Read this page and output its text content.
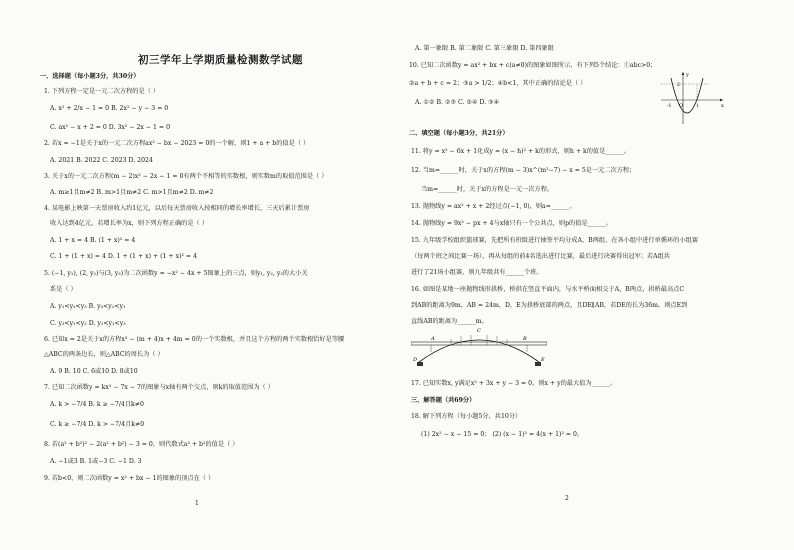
初三学年上学期质量检测数学试题
一、选择题（每小题3分，共30分）
1. 下列方程一定是一元二次方程的是（ ）
A. x² + 2/x − 1 = 0 B. 2x² − y − 3 = 0
C. ax² − x + 2 = 0 D. 3x² − 2x − 1 = 0
2. 若x = −1是关于x的一元二次方程ax² − bx − 2023 = 0的一个解，则1 + a + b的值是（ ）
A. 2021 B. 2022 C. 2023 D. 2024
3. 关于x的一元二次方程(m − 2)x² − 2x − 1 = 0有两个不相等的实数根，则实数m的取值范围是（ ）
A. m≥1且m≠2 B. m>1且m≠2 C. m>1且m≠2 D. m≠2
4. 某电影上映第一天票房收入约1亿元，以后每天票房收入按相同的增长率增长，三天后累计票房
收入达到4亿元，若增长率为x，则下列方程正确的是（ ）
A. 1 + x = 4 B. (1 + x)² = 4
C. 1 + (1 + x) = 4 D. 1 + (1 + x) + (1 + x)² = 4
5. (−1, y₁), (2, y₂)与(3, y₃)为二次函数y = −x² − 4x + 5图象上的三点，则y₁, y₂, y₃的大小关
系是（ ）
A. y₁<y₂<y₃ B. y₃<y₂<y₁
C. y₃<y₁<y₂ D. y₂<y₁<y₃
6. 已知x = 2是关于x的方程x² − (m + 4)x + 4m = 0的一个实数根，并且这个方程的两个实数根恰好是等腰
△ABC的两条边长，则△ABC的周长为（ ）
A. 9 B. 10 C. 6或10 D. 8或10
7. 已知二次函数y = kx² − 7x − 7的图象与x轴有两个交点，则k的取值范围为（ ）
A. k > −7/4 B. k ≥ −7/4且k≠0
C. k ≥ −7/4 D. k > −7/4且k≠0
8. 若(a² + b²)² − 2(a² + b²) − 3 = 0，则代数式a² + b²的值是（ ）
A. −1或3 B. 1或−3 C. −1 D. 3
9. 若b<0，则二次函数y = x² + bx − 1的图象的顶点在（ ）
1
A. 第一象限 B. 第二象限 C. 第三象限 D. 第四象限
10. 已知二次函数y = ax² + bx + c(a≠0)的图象如图所示，有下列5个结论：①abc>0；
②a + b + c = 2；③a > 1/2；④b<1，其中正确的结论是（ ）
A. ①② B. ②③ C. ②④ D. ③④	x
y
O
-1	1
2
二、填空题（每小题3分，共21分）
11. 将y = x² − 6x + 1化成y = (x − h)² + k的形式，则h + k的值是______。
12. 当m=______时，关于x的方程(m − 3)x^(m²−7) − x = 5是一元二次方程；
当m=______时，关于x的方程是一元一次方程。
13. 抛物线y = ax² + x + 2经过点(−1, 0)，则a=______。
14. 抛物线y = 9x² − px + 4与x轴只有一个公共点，则p的值是______。
15. 九年级学校组织篮球赛，先把所有班级进行抽签平均分成A，B两组，在各小组中进行单循环的小组赛
（每两个班之间比赛一场），再从每组的前4名选出进行比赛，最后进行决赛得出冠军；若A组共
进行了21场小组赛，则九年级共有______个班。
16. 如图是某地一座抛物线形拱桥，桥拱在竖直平面内，与水平桥面相交于A，B两点，拱桥最高点C
到AB的距离为9m，AB = 24m，D，E为拱桥底部的两点，且DE∥AB，若DE的长为36m，则点E到
直线AB的距离为______m。
A	B
C
D	E
17. 已知实数x, y满足x² + 3x + y − 3 = 0，则x + y的最大值为______。
三、解答题（共69分）
18. 解下列方程（每小题5分，共10分）
(1) 2x² − x − 15 = 0； (2) (x − 1)² = 4(x + 1)² = 0。
2
